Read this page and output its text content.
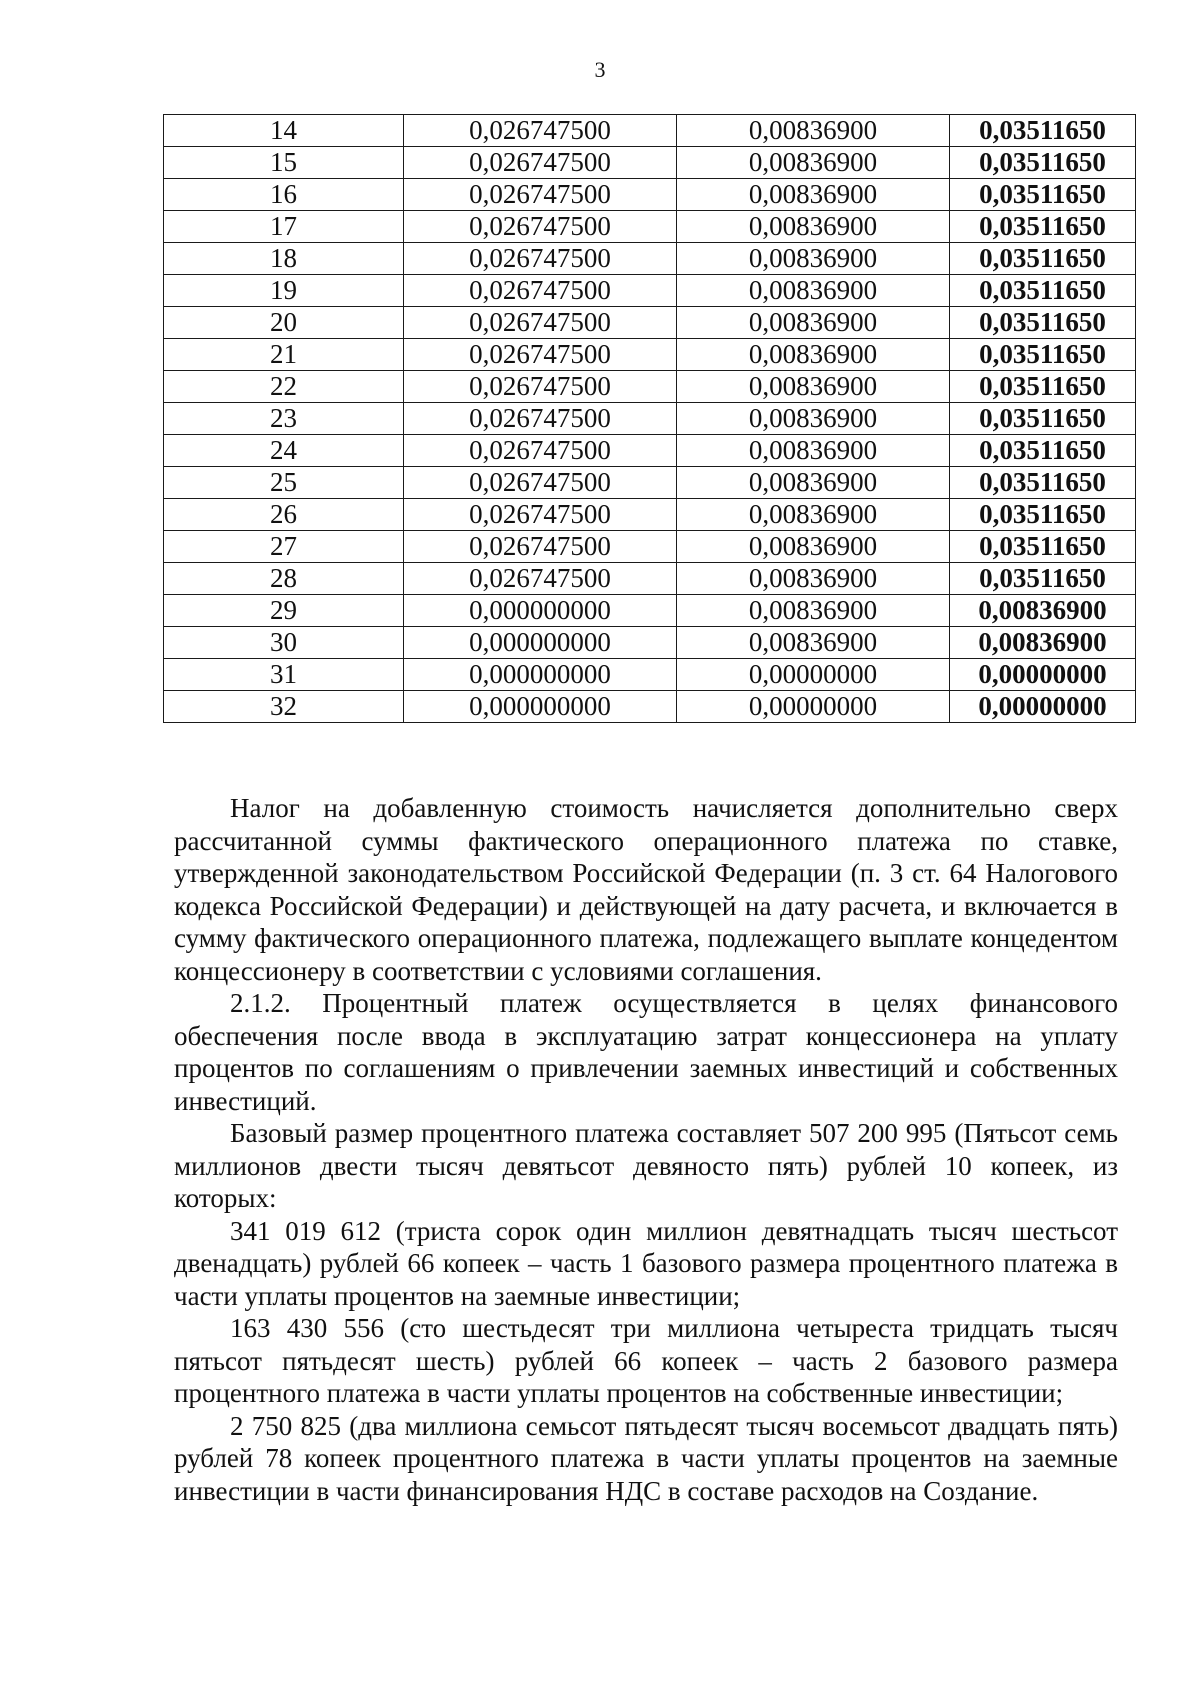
3
14	0,026747500	0,00836900	0,03511650
15	0,026747500	0,00836900	0,03511650
16	0,026747500	0,00836900	0,03511650
17	0,026747500	0,00836900	0,03511650
18	0,026747500	0,00836900	0,03511650
19	0,026747500	0,00836900	0,03511650
20	0,026747500	0,00836900	0,03511650
21	0,026747500	0,00836900	0,03511650
22	0,026747500	0,00836900	0,03511650
23	0,026747500	0,00836900	0,03511650
24	0,026747500	0,00836900	0,03511650
25	0,026747500	0,00836900	0,03511650
26	0,026747500	0,00836900	0,03511650
27	0,026747500	0,00836900	0,03511650
28	0,026747500	0,00836900	0,03511650
29	0,000000000	0,00836900	0,00836900
30	0,000000000	0,00836900	0,00836900
31	0,000000000	0,00000000	0,00000000
32	0,000000000	0,00000000	0,00000000

Налог на добавленную стоимость начисляется дополнительно сверх рассчитанной суммы фактического операционного платежа по ставке, утвержденной законодательством Российской Федерации (п. 3 ст. 64 Налогового кодекса Российской Федерации) и действующей на дату расчета, и включается в сумму фактического операционного платежа, подлежащего выплате концедентом концессионеру в соответствии с условиями соглашения.

2.1.2. Процентный платеж осуществляется в целях финансового обеспечения после ввода в эксплуатацию затрат концессионера на уплату процентов по соглашениям о привлечении заемных инвестиций и собственных инвестиций.

Базовый размер процентного платежа составляет 507 200 995 (Пятьсот семь миллионов двести тысяч девятьсот девяносто пять) рублей 10 копеек, из которых:

341 019 612 (триста сорок один миллион девятнадцать тысяч шестьсот двенадцать) рублей 66 копеек – часть 1 базового размера процентного платежа в части уплаты процентов на заемные инвестиции;

163 430 556 (сто шестьдесят три миллиона четыреста тридцать тысяч пятьсот пятьдесят шесть) рублей 66 копеек – часть 2 базового размера процентного платежа в части уплаты процентов на собственные инвестиции;

2 750 825 (два миллиона семьсот пятьдесят тысяч восемьсот двадцать пять) рублей 78 копеек процентного платежа в части уплаты процентов на заемные инвестиции в части финансирования НДС в составе расходов на Создание.
